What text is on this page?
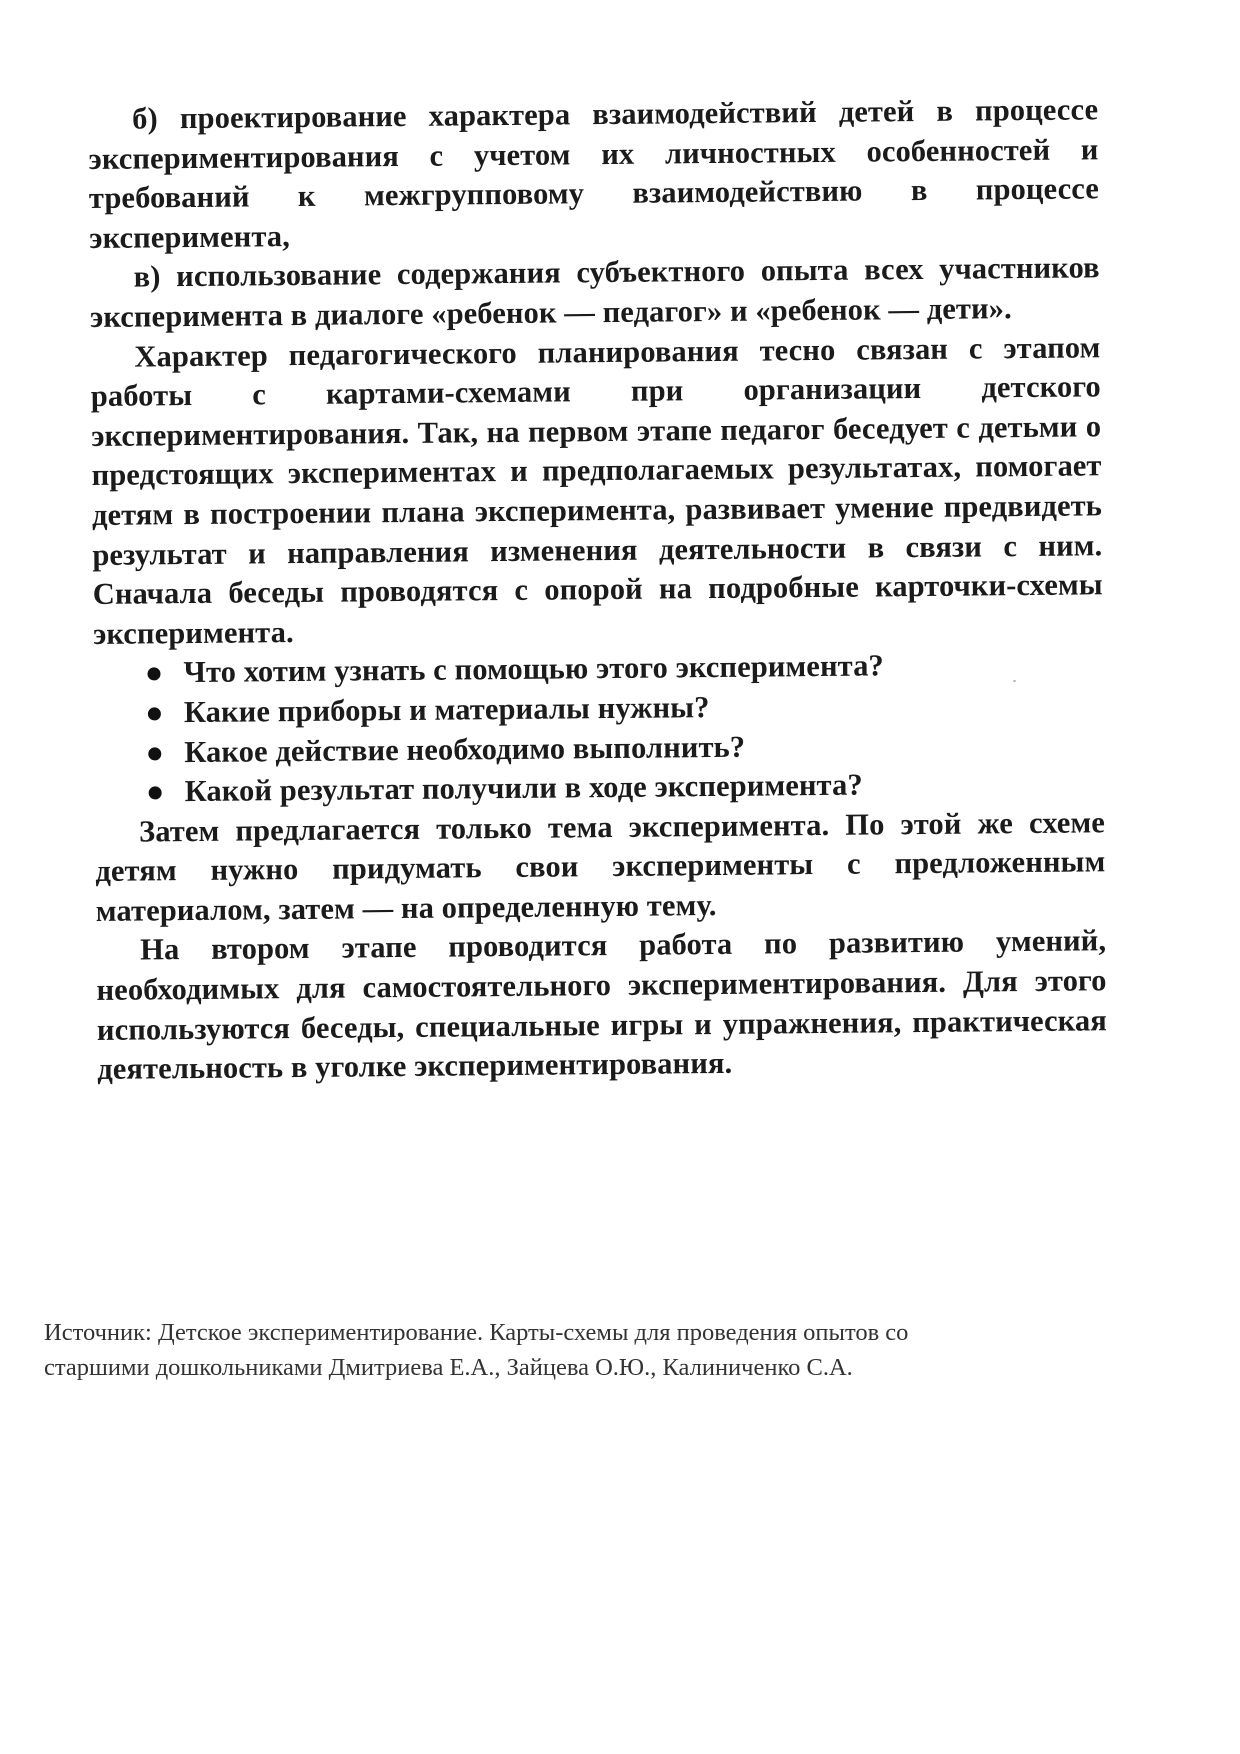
б) проектирование характера взаимодействий детей в процессе экспериментирования с учетом их личностных особенностей и требований к межгрупповому взаимодействию в процессе эксперимента,

в) использование содержания субъектного опыта всех участников эксперимента в диалоге «ребенок — педагог» и «ребенок — дети».

Характер педагогического планирования тесно связан с этапом работы с картами-схемами при организации детского экспериментирования. Так, на первом этапе педагог беседует с детьми о предстоящих экспериментах и предполагаемых результатах, помогает детям в построении плана эксперимента, развивает умение предвидеть результат и направления изменения деятельности в связи с ним. Сначала беседы проводятся с опорой на подробные карточки-схемы эксперимента.

Что хотим узнать с помощью этого эксперимента?
Какие приборы и материалы нужны?
Какое действие необходимо выполнить?
Какой результат получили в ходе эксперимента?

Затем предлагается только тема эксперимента. По этой же схеме детям нужно придумать свои эксперименты с предложенным материалом, затем — на определенную тему.

На втором этапе проводится работа по развитию умений, необходимых для самостоятельного экспериментирования. Для этого используются беседы, специальные игры и упражнения, практическая деятельность в уголке экспериментирования.

Источник: Детское экспериментирование. Карты-схемы для проведения опытов со
старшими дошкольниками Дмитриева Е.А., Зайцева О.Ю., Калиниченко С.А.
